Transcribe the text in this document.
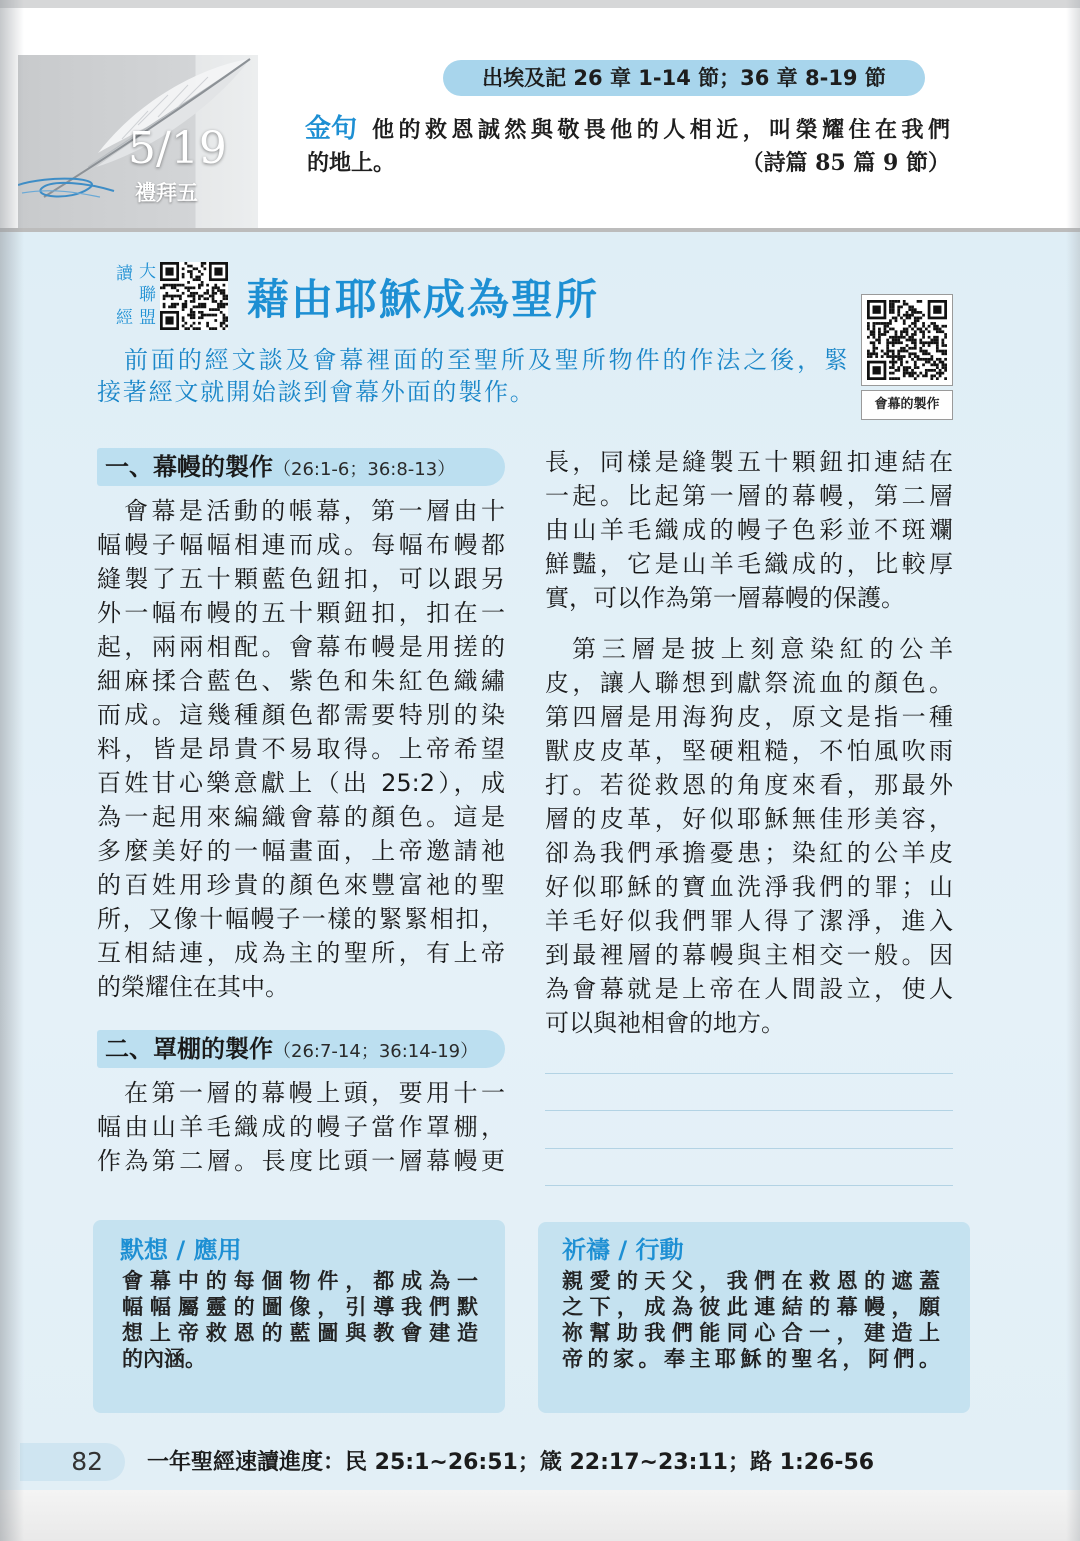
5/19
禮拜五
出埃及記 26 章 1-14 節；36 章 8-19 節
金句 他的救恩誠然與敬畏他的人相近，叫榮耀住在我們
的地上。	（詩篇 85 篇 9 節）
讀經 大聯盟 藉由耶穌成為聖所
會幕的製作
前面的經文談及會幕裡面的至聖所及聖所物件的作法之後，緊
接著經文就開始談到會幕外面的製作。
一、幕幔的製作（26:1-6；36:8-13）
會幕是活動的帳幕，第一層由十
幅幔子幅幅相連而成。每幅布幔都
縫製了五十顆藍色鈕扣，可以跟另
外一幅布幔的五十顆鈕扣，扣在一
起，兩兩相配。會幕布幔是用搓的
細麻揉合藍色、紫色和朱紅色織繡
而成。這幾種顏色都需要特別的染
料，皆是昂貴不易取得。上帝希望
百姓甘心樂意獻上（出 25:2），成
為一起用來編織會幕的顏色。這是
多麼美好的一幅畫面，上帝邀請祂
的百姓用珍貴的顏色來豐富祂的聖
所，又像十幅幔子一樣的緊緊相扣，
互相結連，成為主的聖所，有上帝
的榮耀住在其中。
二、罩棚的製作（26:7-14；36:14-19）
在第一層的幕幔上頭，要用十一
幅由山羊毛織成的幔子當作罩棚，
作為第二層。長度比頭一層幕幔更
長，同樣是縫製五十顆鈕扣連結在
一起。比起第一層的幕幔，第二層
由山羊毛織成的幔子色彩並不斑斕
鮮豔，它是山羊毛織成的，比較厚
實，可以作為第一層幕幔的保護。
第三層是披上刻意染紅的公羊
皮，讓人聯想到獻祭流血的顏色。
第四層是用海狗皮，原文是指一種
獸皮皮革，堅硬粗糙，不怕風吹雨
打。若從救恩的角度來看，那最外
層的皮革，好似耶穌無佳形美容，
卻為我們承擔憂患；染紅的公羊皮
好似耶穌的寶血洗淨我們的罪；山
羊毛好似我們罪人得了潔淨，進入
到最裡層的幕幔與主相交一般。因
為會幕就是上帝在人間設立，使人
可以與祂相會的地方。
默想 / 應用
會幕中的每個物件，都成為一
幅幅屬靈的圖像，引導我們默
想上帝救恩的藍圖與教會建造
的內涵。
祈禱 / 行動
親愛的天父，我們在救恩的遮蓋
之下，成為彼此連結的幕幔，願
祢幫助我們能同心合一，建造上
帝的家。奉主耶穌的聖名，阿們。
82	一年聖經速讀進度：民 25:1~26:51；箴 22:17~23:11；路 1:26-56
